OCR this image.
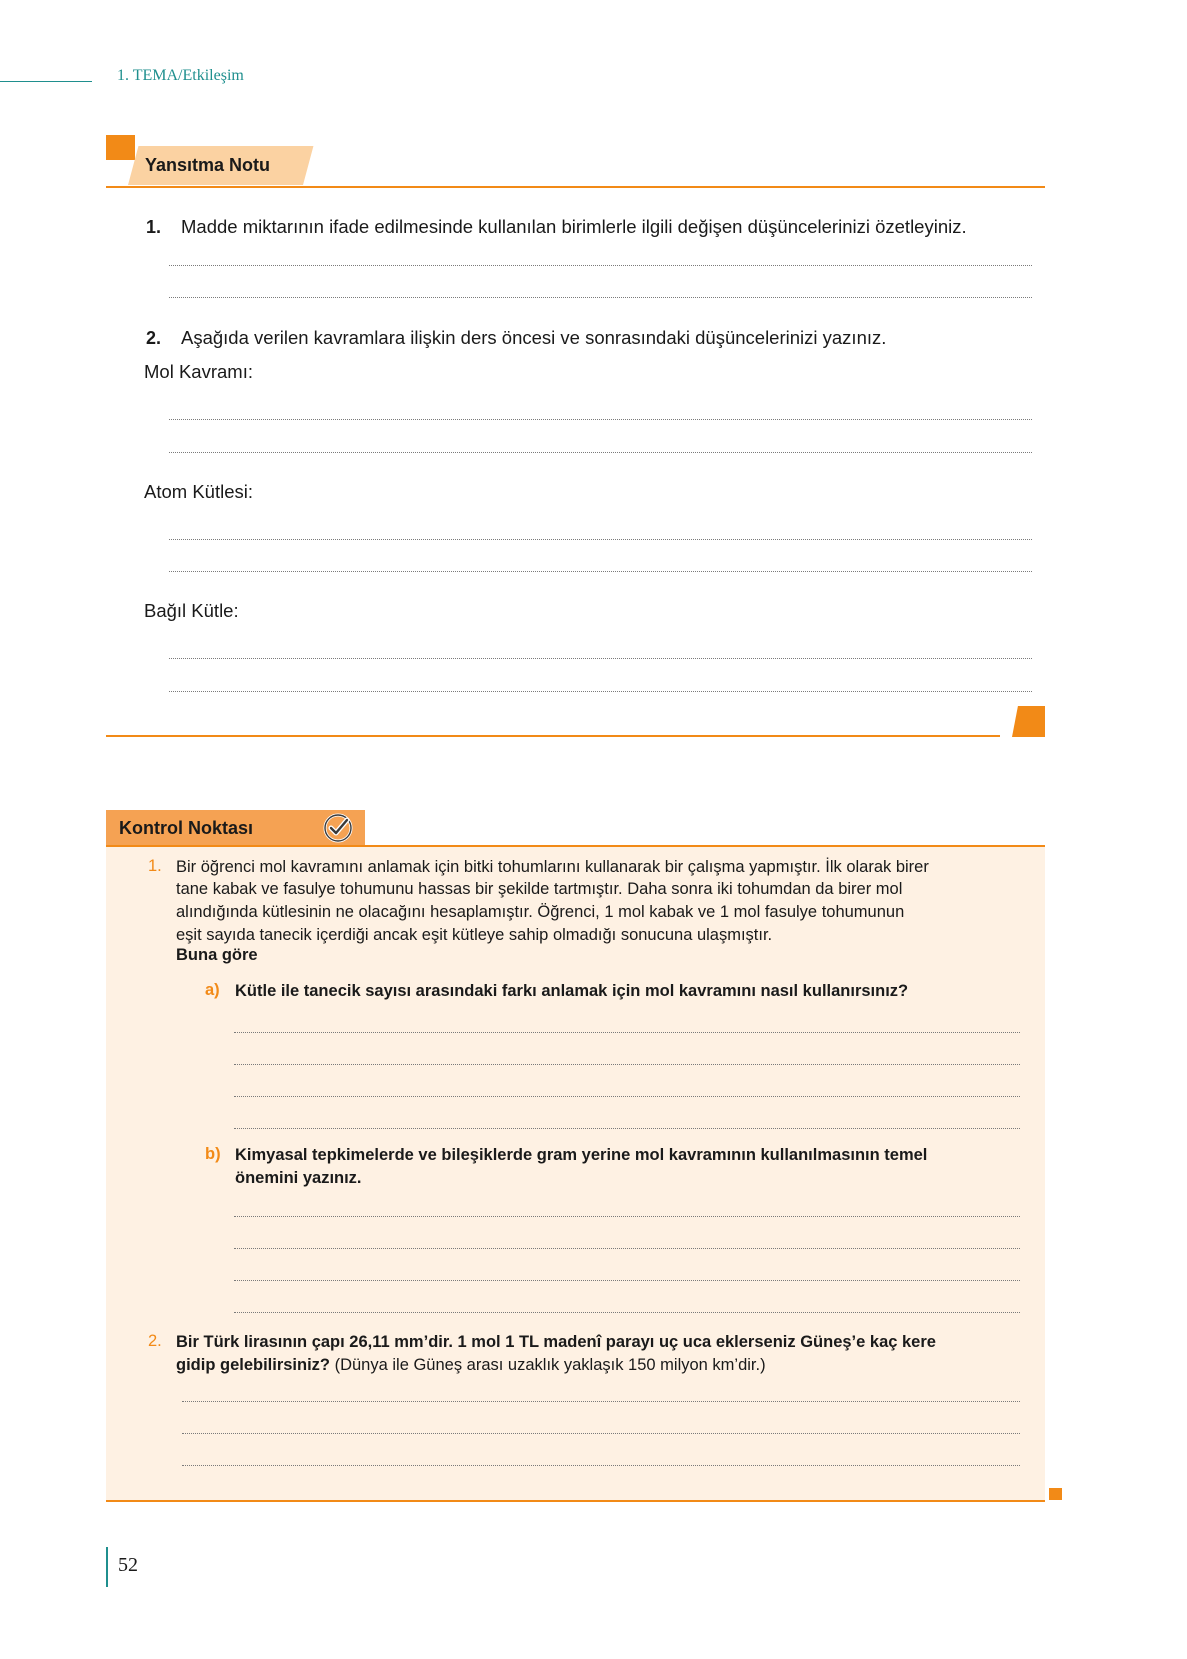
1. TEMA/Etkileşim
Yansıtma Notu
1. Madde miktarının ifade edilmesinde kullanılan birimlerle ilgili değişen düşüncelerinizi özetleyiniz.
2. Aşağıda verilen kavramlara ilişkin ders öncesi ve sonrasındaki düşüncelerinizi yazınız.
Mol Kavramı:
Atom Kütlesi:
Bağıl Kütle:
Kontrol Noktası
1. Bir öğrenci mol kavramını anlamak için bitki tohumlarını kullanarak bir çalışma yapmıştır. İlk olarak birer
tane kabak ve fasulye tohumunu hassas bir şekilde tartmıştır. Daha sonra iki tohumdan da birer mol
alındığında kütlesinin ne olacağını hesaplamıştır. Öğrenci, 1 mol kabak ve 1 mol fasulye tohumunun
eşit sayıda tanecik içerdiği ancak eşit kütleye sahip olmadığı sonucuna ulaşmıştır.
Buna göre
a) Kütle ile tanecik sayısı arasındaki farkı anlamak için mol kavramını nasıl kullanırsınız?
b) Kimyasal tepkimelerde ve bileşiklerde gram yerine mol kavramının kullanılmasının temel
önemini yazınız.
2. Bir Türk lirasının çapı 26,11 mm’dir. 1 mol 1 TL madenî parayı uç uca eklerseniz Güneş’e kaç kere
gidip gelebilirsiniz? (Dünya ile Güneş arası uzaklık yaklaşık 150 milyon km’dir.)
52
